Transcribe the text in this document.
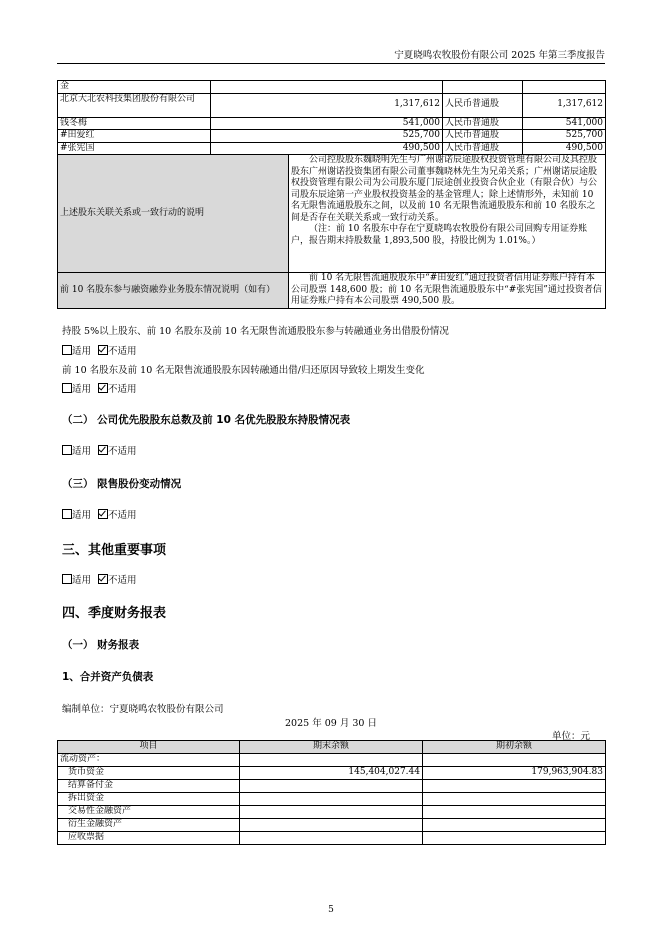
宁夏晓鸣农牧股份有限公司 2025 年第三季度报告
金				
北京大北农科技集团股份有限公司	1,317,612		人民币普通股	1,317,612
钱冬梅	541,000		人民币普通股	541,000
#田爱红	525,700		人民币普通股	525,700
#张宪国	490,500		人民币普通股	490,500
上述股东关联关系或一致行动的说明		公司控股股东魏晓明先生与广州谢诺辰途股权投资管理有限公司及其控股股东广州谢诺投资集团有限公司董事魏晓林先生为兄弟关系；广州谢诺辰途股权投资管理有限公司为公司股东厦门辰途创业投资合伙企业（有限合伙）与公司股东辰途第一产业股权投资基金的基金管理人；除上述情形外，未知前 10 名无限售流通股股东之间，以及前 10 名无限售流通股股东和前 10 名股东之间是否存在关联关系或一致行动关系。
（注：前 10 名股东中存在宁夏晓鸣农牧股份有限公司回购专用证券账户，报告期末持股数量 1,893,500 股，持股比例为 1.01%。）		

前 10 名股东参与融资融券业务股东情况说明（如有）		前 10 名无限售流通股股东中“#田爱红”通过投资者信用证券账户持有本公司股票 148,600 股；前 10 名无限售流通股股东中“#张宪国”通过投资者信用证券账户持有本公司股票 490,500 股。		
持股 5%以上股东、前 10 名股东及前 10 名无限售流通股股东参与转融通业务出借股份情况
适用 不适用
前 10 名股东及前 10 名无限售流通股股东因转融通出借/归还原因导致较上期发生变化
适用 不适用
（二） 公司优先股股东总数及前 10 名优先股股东持股情况表
适用 不适用
（三） 限售股份变动情况
适用 不适用
三、其他重要事项
适用 不适用
四、季度财务报表
（一） 财务报表
1、合并资产负债表
编制单位：宁夏晓鸣农牧股份有限公司
2025 年 09 月 30 日
单位：元
项目	期末余额	期初余额
流动资产：		
货币资金	145,404,027.44	179,963,904.83
结算备付金		
拆出资金		
交易性金融资产		
衍生金融资产		
应收票据		
5
